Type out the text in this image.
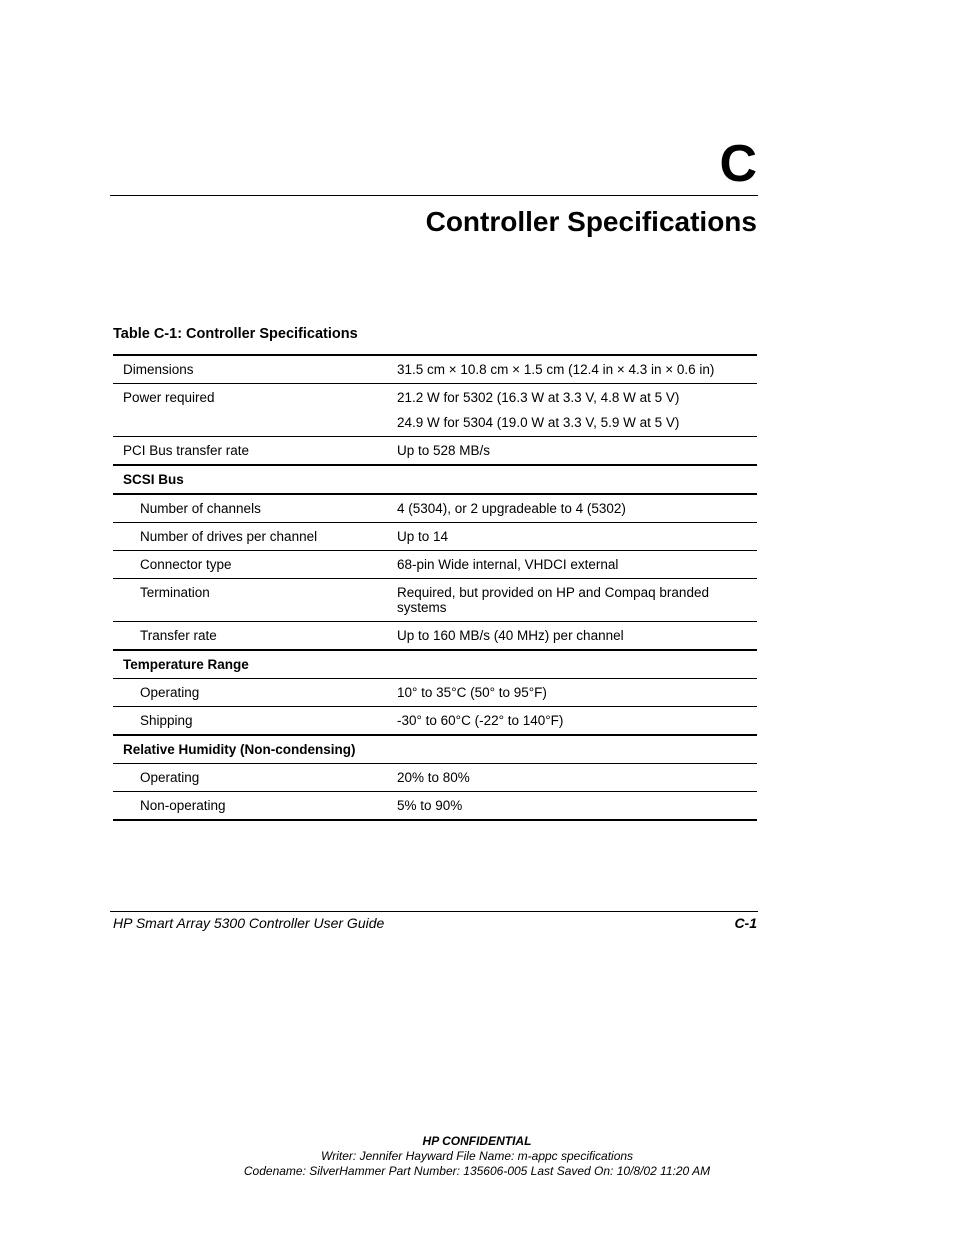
C
Controller Specifications
Table C-1: Controller Specifications
Dimensions	31.5 cm × 10.8 cm × 1.5 cm (12.4 in × 4.3 in × 0.6 in)
Power required	21.2 W for 5302 (16.3 W at 3.3 V, 4.8 W at 5 V)
24.9 W for 5304 (19.0 W at 3.3 V, 5.9 W at 5 V)
PCI Bus transfer rate	Up to 528 MB/s
SCSI Bus
Number of channels	4 (5304), or 2 upgradeable to 4 (5302)
Number of drives per channel	Up to 14
Connector type	68-pin Wide internal, VHDCI external
Termination	Required, but provided on HP and Compaq branded systems
Transfer rate	Up to 160 MB/s (40 MHz) per channel
Temperature Range
Operating	10° to 35°C (50° to 95°F)
Shipping	-30° to 60°C (-22° to 140°F)
Relative Humidity (Non-condensing)
Operating	20% to 80%
Non-operating	5% to 90%
HP Smart Array 5300 Controller User Guide	C-1
HP CONFIDENTIAL
Writer: Jennifer Hayward File Name: m-appc specifications
Codename: SilverHammer Part Number: 135606-005 Last Saved On: 10/8/02 11:20 AM
